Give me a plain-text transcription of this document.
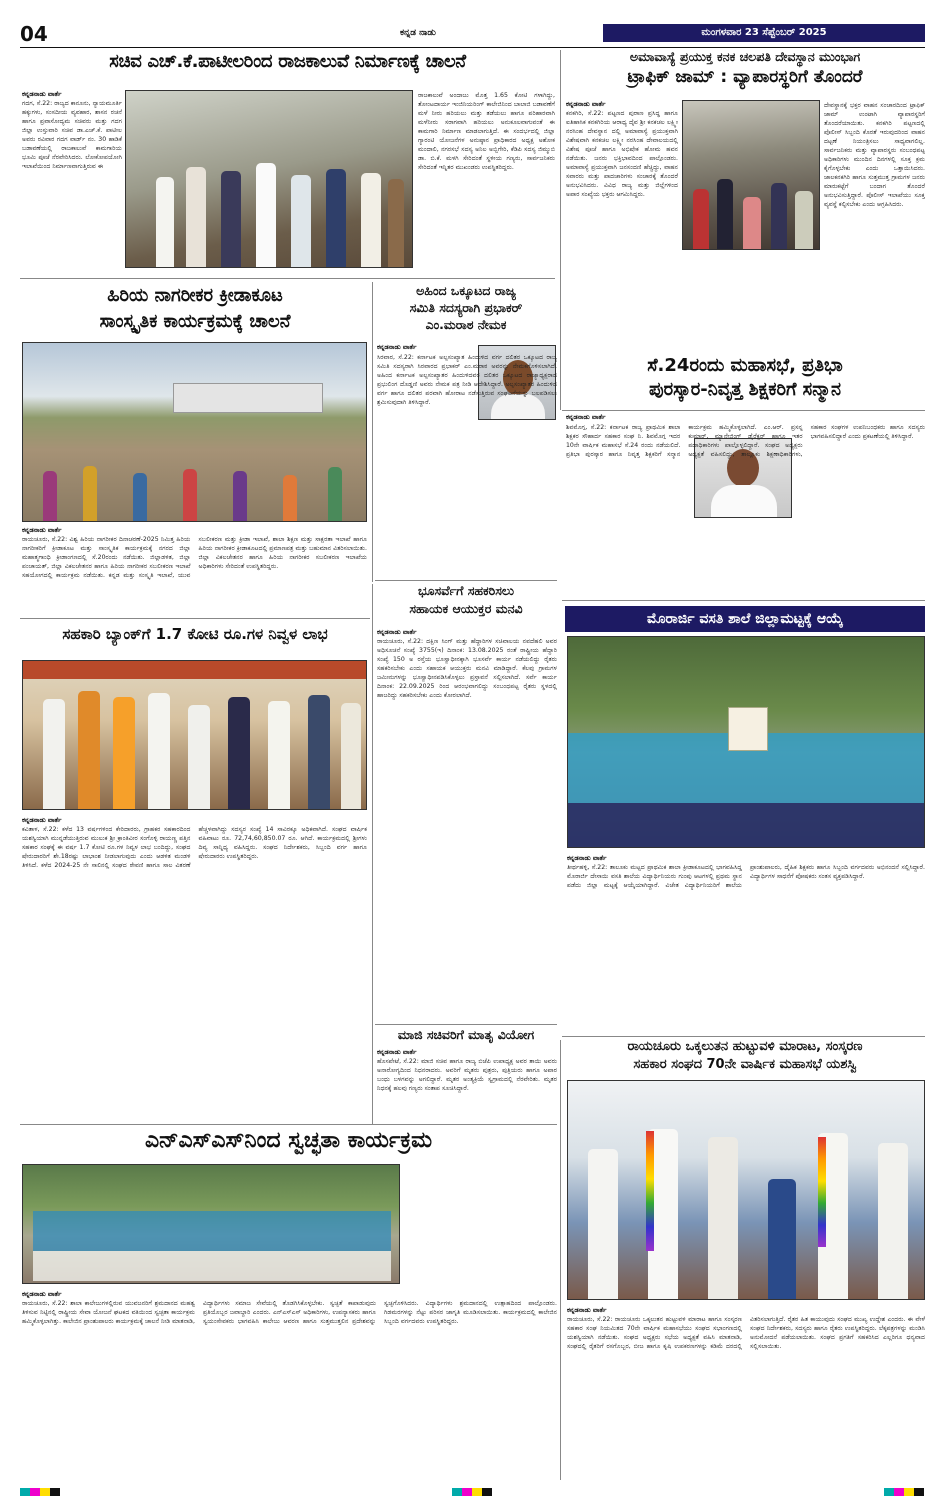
04	ಕನ್ನಡ ನಾಡು	ಮಂಗಳವಾರ 23 ಸೆಪ್ಟೆಂಬರ್ 2025
ಸಚಿವ ಎಚ್.ಕೆ.ಪಾಟೀಲರಿಂದ ರಾಜಕಾಲುವೆ ನಿರ್ಮಾಣಕ್ಕೆ ಚಾಲನೆ
ಕನ್ನಡನಾಡು ವಾರ್ತೆ
ಗದಗ, ಸೆ.22: ರಾಜ್ಯದ ಕಾನೂನು, ನ್ಯಾಯಮೂರ್ತಿ ಹಕ್ಕುಗಳು, ಸಂಸದೀಯ ವ್ಯವಹಾರ, ಶಾಸನ ರಚನೆ ಹಾಗೂ ಪ್ರವಾಸೋದ್ಯಮ ಸಚಿವರು ಮತ್ತು ಗದಗ ಜಿಲ್ಲಾ ಉಸ್ತುವಾರಿ ಸಚಿವ ಡಾ.ಎಚ್.ಕೆ. ಪಾಟೀಲ ಅವರು ರವಿವಾರ ಗದಗ ವಾರ್ಡ್ ನಂ. 30 ಹಾಡಿಕೆ ಬಡಾವಣೆಯಲ್ಲಿ ರಾಜಕಾಲುವೆ ಕಾಮಗಾರಿಯ ಭೂಮಿ ಪೂಜೆ ನೆರವೇರಿಸಿದರು. ಲೋಕೋಪಯೋಗಿ ಇಲಾಖೆಯಿಂದ ನಿರ್ಮಾಣವಾಗುತ್ತಿರುವ ಈ
ರಾಜಕಾಲುವೆ ಅಂದಾಜು ಮೊತ್ತ 1.65 ಕೋಟಿ ಗಳಾಗಿದ್ದು, ತೋಂಟದಾರ್ಯ ಇಂಜಿನಿಯರಿಂಗ್ ಕಾಲೇಜಿನಿಂದ ಬಾಲಾಜಿ ಬಡಾವಣೆಗೆ ಮಳೆ ನೀರು ಹರಿಯಲು ಮತ್ತು ತಡೆಯಲು ಹಾಗೂ ಪರಿಹಾರವಾಗಿ ಮಳೆನೀರು ಸರಾಗವಾಗಿ ಹರಿಯಲು ಅನುಕೂಲವಾಗುವಂತೆ ಈ ಕಾಮಗಾರಿ ನಿರ್ಮಾಣ ಮಾಡಲಾಗುತ್ತಿದೆ. ಈ ಸಂದರ್ಭದಲ್ಲಿ ಜಿಲ್ಲಾ ಗ್ಯಾರಂಟಿ ಯೋಜನೆಗಳ ಅನುಷ್ಠಾನ ಪ್ರಾಧಿಕಾರದ ಅಧ್ಯಕ್ಷ ಅಶೋಕ ಮಂದಾಲಿ, ನಗರಸಭೆ ಸದಸ್ಯ ಅನಿಲ ಅಬ್ಬಿಗೇರಿ, ಕೆಡಿಪಿ ಸದಸ್ಯ ಜಿಮ್ಮುಬಿ ಡಾ. ಬಿ.ಕೆ. ಮಳಗಿ ಸೇರಿದಂತೆ ಸ್ಥಳೀಯ ಗಣ್ಯರು, ಸಾರ್ವಜನಿಕರು ಸೇರಿದಂತೆ ಇನ್ನಿತರ ಮುಖಂಡರು ಉಪಸ್ಥಿತರಿದ್ದರು.
ಅಮಾವಾಸ್ಯೆ ಪ್ರಯುಕ್ತ ಕನಕ ಚಲಪತಿ ದೇವಸ್ಥಾನ ಮುಂಭಾಗ
ಟ್ರಾಫಿಕ್ ಜಾಮ್ : ವ್ಯಾಪಾರಸ್ಥರಿಗೆ ತೊಂದರೆ
ಕನ್ನಡನಾಡು ವಾರ್ತೆ
ಕನಕಗಿರಿ, ಸೆ.22: ಪಟ್ಟಣದ ಪುರಾಣ ಪ್ರಸಿದ್ಧ ಹಾಗೂ ಐತಿಹಾಸಿಕ ಕನಕಗಿರಿಯ ಆರಾಧ್ಯ ದೈವ ಶ್ರೀ ಕನಕಚಲ ಲಕ್ಷ್ಮೀ ನರಸಿಂಹ ದೇವಸ್ಥಾನ ದಲ್ಲಿ ಅಮಾವಾಸ್ಯೆ ಪ್ರಯುಕ್ತವಾಗಿ ವಿಶೇಷವಾಗಿ ಕನಕಚಲ ಲಕ್ಷ್ಮೀ ನರಸಿಂಹ ದೇವಾಲಯದಲ್ಲಿ ವಿಶೇಷ ಪೂಜೆ ಹಾಗೂ ಅಭಿಷೇಕ ಹೋಮ ಹವನ ನಡೆಯಿತು. ಜನರು ಭಕ್ತಿಭಾವದಿಂದ ಪಾಲ್ಗೊಂಡರು. ಅಮಾವಾಸ್ಯೆ ಪ್ರಯುಕ್ತವಾಗಿ ಜನಸಂದಣಿ ಹೆಚ್ಚಿದ್ದು, ವಾಹನ ಸವಾರರು ಮತ್ತು ಪಾದಚಾರಿಗಳು ಸಂಚಾರಕ್ಕೆ ತೊಂದರೆ ಅನುಭವಿಸಿದರು. ವಿವಿಧ ರಾಜ್ಯ ಮತ್ತು ಜಿಲ್ಲೆಗಳಿಂದ ಅಪಾರ ಸಂಖ್ಯೆಯ ಭಕ್ತರು ಆಗಮಿಸಿದ್ದರು.
ದೇವಸ್ಥಾನಕ್ಕೆ ಭಕ್ತರ ವಾಹನ ಸಂಚಾರದಿಂದ ಟ್ರಾಫಿಕ್ ಜಾಮ್ ಉಂಟಾಗಿ ವ್ಯಾಪಾರಸ್ಥರಿಗೆ ತೊಂದರೆಯಾಯಿತು. ಕನಕಗಿರಿ ಪಟ್ಟಣದಲ್ಲಿ ಪೊಲೀಸ್ ಸಿಬ್ಬಂದಿ ಕೊರತೆ ಇರುವುದರಿಂದ ವಾಹನ ದಟ್ಟಣೆ ನಿಯಂತ್ರಿಸಲು ಸಾಧ್ಯವಾಗಲಿಲ್ಲ. ಸಾರ್ವಜನಿಕರು ಮತ್ತು ವ್ಯಾಪಾರಸ್ಥರು ಸಂಬಂಧಪಟ್ಟ ಅಧಿಕಾರಿಗಳು ಮುಂದಿನ ದಿನಗಳಲ್ಲಿ ಸೂಕ್ತ ಕ್ರಮ ಕೈಗೊಳ್ಳಬೇಕು ಎಂದು ಒತ್ತಾಯಿಸಿದರು. ಜಾಲಕನಕಗಿರಿ ಹಾಗೂ ಸುತ್ತಮುತ್ತ ಗ್ರಾಮಗಳ ಜನರು ಮಾರುಕಟ್ಟೆಗೆ ಬಂದಾಗ ತೊಂದರೆ ಅನುಭವಿಸುತ್ತಿದ್ದಾರೆ. ಪೊಲೀಸ್ ಇಲಾಖೆಯು ಸೂಕ್ತ ವ್ಯವಸ್ಥೆ ಕಲ್ಪಿಸಬೇಕು ಎಂದು ಆಗ್ರಹಿಸಿದರು.
ಹಿರಿಯ ನಾಗರೀಕರ ಕ್ರೀಡಾಕೂಟ
ಸಾಂಸ್ಕೃತಿಕ ಕಾರ್ಯಕ್ರಮಕ್ಕೆ ಚಾಲನೆ
ಕನ್ನಡನಾಡು ವಾರ್ತೆ
ರಾಯಚೂರು, ಸೆ.22: ವಿಶ್ವ ಹಿರಿಯ ನಾಗರೀಕರ ದಿನಾಚರಣೆ-2025 ನಿಮಿತ್ತ ಹಿರಿಯ ನಾಗರೀಕರಿಗೆ ಕ್ರೀಡಾಕೂಟ ಮತ್ತು ಸಾಂಸ್ಕೃತಿಕ ಕಾರ್ಯಕ್ರಮಕ್ಕೆ ನಗರದ ಜಿಲ್ಲಾ ಮಹಾತ್ಮಗಾಂಧಿ ಕ್ರೀಡಾಂಗಣದಲ್ಲಿ ಸೆ.20ರಂದು ನಡೆಯಿತು. ಜಿಲ್ಲಾಡಳಿತ, ಜಿಲ್ಲಾ ಪಂಚಾಯತ್, ಜಿಲ್ಲಾ ವಿಕಲಚೇತನರ ಹಾಗೂ ಹಿರಿಯ ನಾಗರೀಕರ ಸಬಲೀಕರಣ ಇಲಾಖೆ ಸಹಯೋಗದಲ್ಲಿ ಕಾರ್ಯಕ್ರಮ ನಡೆಯಿತು. ಕನ್ನಡ ಮತ್ತು ಸಂಸ್ಕೃತಿ ಇಲಾಖೆ, ಯುವ ಸಬಲೀಕರಣ ಮತ್ತು ಕ್ರೀಡಾ ಇಲಾಖೆ, ಶಾಲಾ ಶಿಕ್ಷಣ ಮತ್ತು ಸಾಕ್ಷರತಾ ಇಲಾಖೆ ಹಾಗೂ ಹಿರಿಯ ನಾಗರೀಕರ ಕ್ರೀಡಾಕೂಟದಲ್ಲಿ ಪ್ರಮಾಣಪತ್ರ ಮತ್ತು ಬಹುಮಾನ ವಿತರಿಸಲಾಯಿತು. ಜಿಲ್ಲಾ ವಿಕಲಚೇತನರ ಹಾಗೂ ಹಿರಿಯ ನಾಗರೀಕರ ಸಬಲೀಕರಣ ಇಲಾಖೆಯ ಅಧಿಕಾರಿಗಳು ಸೇರಿದಂತೆ ಉಪಸ್ಥಿತರಿದ್ದರು.
ಅಹಿಂದ ಒಕ್ಕೂಟದ ರಾಜ್ಯ
ಸಮಿತಿ ಸದಸ್ಯರಾಗಿ ಪ್ರಭಾಕರ್
ಎಂ.ಮರಾಠ ನೇಮಕ
ಕನ್ನಡನಾಡು ವಾರ್ತೆ
ಸಿರವಾರ, ಸೆ.22: ಕರ್ನಾಟಕ ಅಲ್ಪಸಂಖ್ಯಾತ ಹಿಂದುಳಿದ ವರ್ಗ ದಲಿತರ ಒಕ್ಕೂಟದ ರಾಜ್ಯ ಸಮಿತಿ ಸದಸ್ಯರಾಗಿ ಸಿರವಾರದ ಪ್ರಭಾಕರ್ ಎಂ.ಮರಾಠ ಅವರನ್ನು ನೇಮಕಗೊಳಿಸಲಾಗಿದೆ. ಅಹಿಂದ ಕರ್ನಾಟಕ ಅಲ್ಪಸಂಖ್ಯಾತರ ಹಿಂದುಳಿದವರ ದಲಿತರ ಒಕ್ಕೂಟದ ರಾಜ್ಯಾಧ್ಯಕ್ಷರಾದ ಪ್ರಭುಲಿಂಗ ದೊಡ್ಡಣಿ ಅವರು ನೇಮಕ ಪತ್ರ ನೀಡಿ ಆದೇಶಿಸಿದ್ದಾರೆ. ಅಲ್ಪಸಂಖ್ಯಾತರ ಹಿಂದುಳಿದ ವರ್ಗ ಹಾಗೂ ದಲಿತರ ಪರವಾಗಿ ಹೋರಾಟ ನಡೆಸುತ್ತಿರುವ ಸಂಘಟನೆಯನ್ನು ಬಲಪಡಿಸಲು ಶ್ರಮಿಸುವುದಾಗಿ ತಿಳಿಸಿದ್ದಾರೆ.
ಸೆ.24ರಂದು ಮಹಾಸಭೆ, ಪ್ರತಿಭಾ
ಪುರಸ್ಕಾರ-ನಿವೃತ್ತ ಶಿಕ್ಷಕರಿಗೆ ಸನ್ಮಾನ
ಕನ್ನಡನಾಡು ವಾರ್ತೆ
ಶಿವಮೊಗ್ಗ, ಸೆ.22: ಕರ್ನಾಟಕ ರಾಜ್ಯ ಪ್ರಾಥಮಿಕ ಶಾಲಾ ಶಿಕ್ಷಕರ ಸೌಹಾರ್ದ ಸಹಕಾರ ಸಂಘ ನಿ. ಶಿವಮೊಗ್ಗ ಇದರ 10ನೇ ವಾರ್ಷಿಕ ಮಹಾಸಭೆ ಸೆ.24 ರಂದು ನಡೆಯಲಿದೆ. ಪ್ರತಿಭಾ ಪುರಸ್ಕಾರ ಹಾಗೂ ನಿವೃತ್ತ ಶಿಕ್ಷಕರಿಗೆ ಸನ್ಮಾನ ಕಾರ್ಯಕ್ರಮ ಹಮ್ಮಿಕೊಳ್ಳಲಾಗಿದೆ. ಎಂ.ಆರ್. ಪ್ರಸನ್ನ ಕುಮಾರ್, ಮ್ಯಾನೇಜಿಂಗ್ ಡೈರೆಕ್ಟರ್ ಹಾಗೂ ಇತರ ಪದಾಧಿಕಾರಿಗಳು ಪಾಲ್ಗೊಳ್ಳಲಿದ್ದಾರೆ. ಸಂಘದ ಅಧ್ಯಕ್ಷರು ಅಧ್ಯಕ್ಷತೆ ವಹಿಸಲಿದ್ದು, ತಾಲ್ಲೂಕು ಶಿಕ್ಷಣಾಧಿಕಾರಿಗಳು, ಸಹಕಾರ ಸಂಘಗಳ ಉಪನಿಬಂಧಕರು ಹಾಗೂ ಸದಸ್ಯರು ಭಾಗವಹಿಸಲಿದ್ದಾರೆ ಎಂದು ಪ್ರಕಟಣೆಯಲ್ಲಿ ತಿಳಿಸಿದ್ದಾರೆ.
ಸಹಕಾರಿ ಬ್ಯಾಂಕ್‌ಗೆ 1.7 ಕೋಟಿ ರೂ.ಗಳ ನಿವ್ವಳ ಲಾಭ
ಕನ್ನಡನಾಡು ವಾರ್ತೆ
ಕವಿತಾಳ, ಸೆ.22: ಕಳೆದ 13 ವರ್ಷಗಳಿಂದ ಕೇರಿದಾರರು, ಗ್ರಾಹಕರ ಸಹಕಾರದಿಂದ ಯಶಸ್ವಿಯಾಗಿ ಮುನ್ನಡೆಯುತ್ತಿರುವ ಮುಲುಕ ಶ್ರೀ ಕ್ರಾಂತಿವೀರ ಸಂಗೊಳ್ಳಿ ರಾಯಣ್ಣ ಪತ್ತಿನ ಸಹಕಾರ ಸಂಘಕ್ಕೆ ಈ ವರ್ಷ 1.7 ಕೋಟಿ ರೂ.ಗಳ ನಿವ್ವಳ ಲಾಭ ಬಂದಿದ್ದು, ಸಂಘದ ಷೇರುದಾರರಿಗೆ ಶೇ.18ರಷ್ಟು ಲಾಭಾಂಶ ನೀಡಲಾಗುವುದು ಎಂದು ಆಡಳಿತ ಮಂಡಳಿ ತಿಳಿಸಿದೆ. ಕಳೆದ 2024-25 ನೇ ಸಾಲಿನಲ್ಲಿ ಸಂಘದ ಠೇವಣಿ ಹಾಗೂ ಸಾಲ ವಿತರಣೆ ಹೆಚ್ಚಳವಾಗಿದ್ದು ಸದಸ್ಯರ ಸಂಖ್ಯೆ 14 ಸಾವಿರಕ್ಕೂ ಅಧಿಕವಾಗಿದೆ. ಸಂಘದ ವಾರ್ಷಿಕ ವಹಿವಾಟು ರೂ. 72,74,60,850.07 ರೂ. ಆಗಿದೆ. ಕಾರ್ಯಕ್ರಮದಲ್ಲಿ ಶ್ರೀಗಳು ದಿವ್ಯ ಸಾನ್ನಿಧ್ಯ ವಹಿಸಿದ್ದರು. ಸಂಘದ ನಿರ್ದೇಶಕರು, ಸಿಬ್ಬಂದಿ ವರ್ಗ ಹಾಗೂ ಷೇರುದಾರರು ಉಪಸ್ಥಿತರಿದ್ದರು.
ಭೂಸರ್ವೆಗೆ ಸಹಕರಿಸಲು
ಸಹಾಯಕ ಆಯುಕ್ತರ ಮನವಿ
ಕನ್ನಡನಾಡು ವಾರ್ತೆ
ರಾಯಚೂರು, ಸೆ.22: ದಕ್ಷಿಣ ಸಿಂಗ್ ಮತ್ತು ಹೆದ್ದಾರಿಗಳ ಸಚಿವಾಲಯ ನವದೆಹಲಿ ಅವರ ಅಧಿಸೂಚನೆ ಸಂಖ್ಯೆ 3755(ಇ) ದಿನಾಂಕ: 13.08.2025 ರಂತೆ ರಾಷ್ಟ್ರೀಯ ಹೆದ್ದಾರಿ ಸಂಖ್ಯೆ 150 ಅ ರಸ್ತೆಯ ಭೂಸ್ವಾಧೀನಕ್ಕಾಗಿ ಭೂಸರ್ವೆ ಕಾರ್ಯ ನಡೆಯಲಿದ್ದು ರೈತರು ಸಹಕರಿಸಬೇಕು ಎಂದು ಸಹಾಯಕ ಆಯುಕ್ತರು ಮನವಿ ಮಾಡಿದ್ದಾರೆ. ಕೆಲವು ಗ್ರಾಮಗಳ ಜಮೀನುಗಳನ್ನು ಭೂಸ್ವಾಧೀನಪಡಿಸಿಕೊಳ್ಳಲು ಪ್ರಸ್ತಾವನೆ ಸಲ್ಲಿಸಲಾಗಿದೆ. ಸರ್ವೆ ಕಾರ್ಯ ದಿನಾಂಕ: 22.09.2025 ರಿಂದ ಆರಂಭವಾಗಲಿದ್ದು ಸಂಬಂಧಪಟ್ಟ ರೈತರು ಸ್ಥಳದಲ್ಲಿ ಹಾಜರಿದ್ದು ಸಹಕರಿಸಬೇಕು ಎಂದು ಕೋರಲಾಗಿದೆ.
ಮೊರಾರ್ಜಿ ವಸತಿ ಶಾಲೆ ಜಿಲ್ಲಾಮಟ್ಟಕ್ಕೆ ಆಯ್ಕೆ
ಕನ್ನಡನಾಡು ವಾರ್ತೆ
ತೀರ್ಥಹಳ್ಳಿ, ಸೆ.22: ತಾಲೂಕು ಮಟ್ಟದ ಪ್ರಾಥಮಿಕ ಶಾಲಾ ಕ್ರೀಡಾಕೂಟದಲ್ಲಿ ಭಾಗವಹಿಸಿದ್ದ ಮೊರಾರ್ಜಿ ದೇಸಾಯಿ ವಸತಿ ಶಾಲೆಯ ವಿದ್ಯಾರ್ಥಿನಿಯರು ಗುಂಪು ಆಟಗಳಲ್ಲಿ ಪ್ರಥಮ ಸ್ಥಾನ ಪಡೆದು ಜಿಲ್ಲಾ ಮಟ್ಟಕ್ಕೆ ಆಯ್ಕೆಯಾಗಿದ್ದಾರೆ. ವಿಜೇತ ವಿದ್ಯಾರ್ಥಿನಿಯರಿಗೆ ಶಾಲೆಯ ಪ್ರಾಂಶುಪಾಲರು, ದೈಹಿಕ ಶಿಕ್ಷಕರು ಹಾಗೂ ಸಿಬ್ಬಂದಿ ವರ್ಗದವರು ಅಭಿನಂದನೆ ಸಲ್ಲಿಸಿದ್ದಾರೆ. ವಿದ್ಯಾರ್ಥಿಗಳ ಸಾಧನೆಗೆ ಪೋಷಕರು ಸಂತಸ ವ್ಯಕ್ತಪಡಿಸಿದ್ದಾರೆ.
ಮಾಜಿ ಸಚಿವರಿಗೆ ಮಾತೃ ವಿಯೋಗ
ಕನ್ನಡನಾಡು ವಾರ್ತೆ
ಹೊಸಪೇಟೆ, ಸೆ.22: ಮಾಜಿ ಸಚಿವ ಹಾಗೂ ರಾಜ್ಯ ಬಿಜೆಪಿ ಉಪಾಧ್ಯಕ್ಷ ಅವರ ತಾಯಿ ಅವರು ಅನಾರೋಗ್ಯದಿಂದ ನಿಧನರಾದರು. ಅವರಿಗೆ ಮೃತರು ಪುತ್ರರು, ಪುತ್ರಿಯರು ಹಾಗೂ ಅಪಾರ ಬಂಧು ಬಳಗವನ್ನು ಅಗಲಿದ್ದಾರೆ. ಮೃತರ ಅಂತ್ಯಕ್ರಿಯೆ ಸ್ವಗ್ರಾಮದಲ್ಲಿ ನೆರವೇರಿತು. ಮೃತರ ನಿಧನಕ್ಕೆ ಹಲವು ಗಣ್ಯರು ಸಂತಾಪ ಸೂಚಿಸಿದ್ದಾರೆ.
ರಾಯಚೂರು ಒಕ್ಕಲುತನ ಹುಟ್ಟುವಳಿ ಮಾರಾಟ, ಸಂಸ್ಕರಣ
ಸಹಕಾರ ಸಂಘದ 70ನೇ ವಾರ್ಷಿಕ ಮಹಾಸಭೆ ಯಶಸ್ವಿ
ಕನ್ನಡನಾಡು ವಾರ್ತೆ
ರಾಯಚೂರು, ಸೆ.22: ರಾಯಚೂರು ಒಕ್ಕಲುತನ ಹುಟ್ಟುವಳಿ ಮಾರಾಟ ಹಾಗೂ ಸಂಸ್ಕರಣ ಸಹಕಾರ ಸಂಘ ನಿಯಮಿತದ 70ನೇ ವಾರ್ಷಿಕ ಮಹಾಸಭೆಯು ಸಂಘದ ಸಭಾಂಗಣದಲ್ಲಿ ಯಶಸ್ವಿಯಾಗಿ ನಡೆಯಿತು. ಸಂಘದ ಅಧ್ಯಕ್ಷರು ಸಭೆಯ ಅಧ್ಯಕ್ಷತೆ ವಹಿಸಿ ಮಾತನಾಡಿ, ಸಂಘದಲ್ಲಿ ರೈತರಿಗೆ ರಸಗೊಬ್ಬರ, ಬೀಜ ಹಾಗೂ ಕೃಷಿ ಉಪಕರಣಗಳನ್ನು ಕಡಿಮೆ ದರದಲ್ಲಿ ವಿತರಿಸಲಾಗುತ್ತಿದೆ. ರೈತರ ಹಿತ ಕಾಯುವುದು ಸಂಘದ ಮುಖ್ಯ ಉದ್ದೇಶ ಎಂದರು. ಈ ವೇಳೆ ಸಂಘದ ನಿರ್ದೇಶಕರು, ಸದಸ್ಯರು ಹಾಗೂ ರೈತರು ಉಪಸ್ಥಿತರಿದ್ದರು. ಲೆಕ್ಕಪತ್ರಗಳನ್ನು ಮಂಡಿಸಿ ಅನುಮೋದನೆ ಪಡೆಯಲಾಯಿತು. ಸಂಘದ ಪ್ರಗತಿಗೆ ಸಹಕರಿಸಿದ ಎಲ್ಲರಿಗೂ ಧನ್ಯವಾದ ಸಲ್ಲಿಸಲಾಯಿತು.
ಎನ್‌ಎಸ್‌ಎಸ್‌ನಿಂದ ಸ್ವಚ್ಛತಾ ಕಾರ್ಯಕ್ರಮ
ಕನ್ನಡನಾಡು ವಾರ್ತೆ
ರಾಯಚೂರು, ಸೆ.22: ಶಾಲಾ ಕಾಲೇಜುಗಳಲ್ಲಿರುವ ಯುವಜನರಿಗೆ ಶ್ರಮದಾನದ ಮಹತ್ವ ತಿಳಿಸುವ ನಿಟ್ಟಿನಲ್ಲಿ ರಾಷ್ಟ್ರೀಯ ಸೇವಾ ಯೋಜನೆ ಘಟಕದ ವತಿಯಿಂದ ಸ್ವಚ್ಛತಾ ಕಾರ್ಯಕ್ರಮ ಹಮ್ಮಿಕೊಳ್ಳಲಾಗಿತ್ತು. ಕಾಲೇಜಿನ ಪ್ರಾಂಶುಪಾಲರು ಕಾರ್ಯಕ್ರಮಕ್ಕೆ ಚಾಲನೆ ನೀಡಿ ಮಾತನಾಡಿ, ವಿದ್ಯಾರ್ಥಿಗಳು ಸಮಾಜ ಸೇವೆಯಲ್ಲಿ ತೊಡಗಿಸಿಕೊಳ್ಳಬೇಕು. ಸ್ವಚ್ಛತೆ ಕಾಪಾಡುವುದು ಪ್ರತಿಯೊಬ್ಬರ ಜವಾಬ್ದಾರಿ ಎಂದರು. ಎನ್‌ಎಸ್‌ಎಸ್ ಅಧಿಕಾರಿಗಳು, ಉಪನ್ಯಾಸಕರು ಹಾಗೂ ಸ್ವಯಂಸೇವಕರು ಭಾಗವಹಿಸಿ ಕಾಲೇಜು ಆವರಣ ಹಾಗೂ ಸುತ್ತಮುತ್ತಲಿನ ಪ್ರದೇಶವನ್ನು ಸ್ವಚ್ಛಗೊಳಿಸಿದರು. ವಿದ್ಯಾರ್ಥಿಗಳು ಶ್ರಮದಾನದಲ್ಲಿ ಉತ್ಸಾಹದಿಂದ ಪಾಲ್ಗೊಂಡರು. ಗಿಡಮರಗಳನ್ನು ನೆಟ್ಟು ಪರಿಸರ ಜಾಗೃತಿ ಮೂಡಿಸಲಾಯಿತು. ಕಾರ್ಯಕ್ರಮದಲ್ಲಿ ಕಾಲೇಜಿನ ಸಿಬ್ಬಂದಿ ವರ್ಗದವರು ಉಪಸ್ಥಿತರಿದ್ದರು.
